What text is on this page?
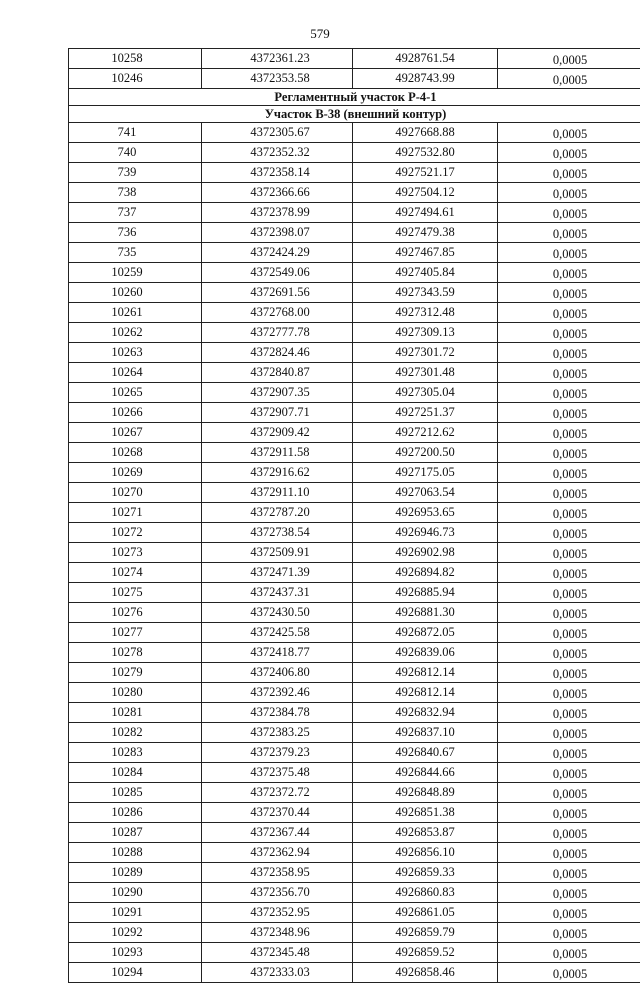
579
10258	4372361.23	4928761.54	0,0005
10246	4372353.58	4928743.99	0,0005
Регламентный участок Р-4-1			
Участок В-38 (внешний контур)			
741	4372305.67	4927668.88	0,0005
740	4372352.32	4927532.80	0,0005
739	4372358.14	4927521.17	0,0005
738	4372366.66	4927504.12	0,0005
737	4372378.99	4927494.61	0,0005
736	4372398.07	4927479.38	0,0005
735	4372424.29	4927467.85	0,0005
10259	4372549.06	4927405.84	0,0005
10260	4372691.56	4927343.59	0,0005
10261	4372768.00	4927312.48	0,0005
10262	4372777.78	4927309.13	0,0005
10263	4372824.46	4927301.72	0,0005
10264	4372840.87	4927301.48	0,0005
10265	4372907.35	4927305.04	0,0005
10266	4372907.71	4927251.37	0,0005
10267	4372909.42	4927212.62	0,0005
10268	4372911.58	4927200.50	0,0005
10269	4372916.62	4927175.05	0,0005
10270	4372911.10	4927063.54	0,0005
10271	4372787.20	4926953.65	0,0005
10272	4372738.54	4926946.73	0,0005
10273	4372509.91	4926902.98	0,0005
10274	4372471.39	4926894.82	0,0005
10275	4372437.31	4926885.94	0,0005
10276	4372430.50	4926881.30	0,0005
10277	4372425.58	4926872.05	0,0005
10278	4372418.77	4926839.06	0,0005
10279	4372406.80	4926812.14	0,0005
10280	4372392.46	4926812.14	0,0005
10281	4372384.78	4926832.94	0,0005
10282	4372383.25	4926837.10	0,0005
10283	4372379.23	4926840.67	0,0005
10284	4372375.48	4926844.66	0,0005
10285	4372372.72	4926848.89	0,0005
10286	4372370.44	4926851.38	0,0005
10287	4372367.44	4926853.87	0,0005
10288	4372362.94	4926856.10	0,0005
10289	4372358.95	4926859.33	0,0005
10290	4372356.70	4926860.83	0,0005
10291	4372352.95	4926861.05	0,0005
10292	4372348.96	4926859.79	0,0005
10293	4372345.48	4926859.52	0,0005
10294	4372333.03	4926858.46	0,0005
